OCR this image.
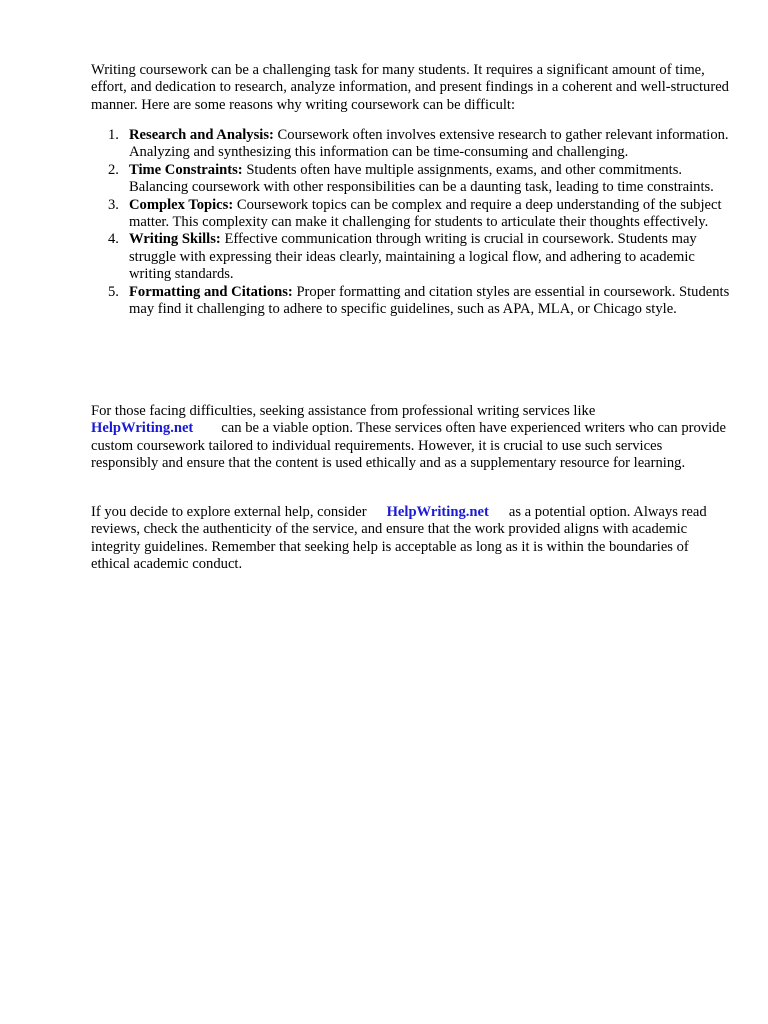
Writing coursework can be a challenging task for many students. It requires a significant amount of time, effort, and dedication to research, analyze information, and present findings in a coherent and well-structured manner. Here are some reasons why writing coursework can be difficult:

1. Research and Analysis: Coursework often involves extensive research to gather relevant information. Analyzing and synthesizing this information can be time-consuming and challenging.
2. Time Constraints: Students often have multiple assignments, exams, and other commitments. Balancing coursework with other responsibilities can be a daunting task, leading to time constraints.
3. Complex Topics: Coursework topics can be complex and require a deep understanding of the subject matter. This complexity can make it challenging for students to articulate their thoughts effectively.
4. Writing Skills: Effective communication through writing is crucial in coursework. Students may struggle with expressing their ideas clearly, maintaining a logical flow, and adhering to academic writing standards.
5. Formatting and Citations: Proper formatting and citation styles are essential in coursework. Students may find it challenging to adhere to specific guidelines, such as APA, MLA, or Chicago style.

For those facing difficulties, seeking assistance from professional writing services like
HelpWriting.net can be a viable option. These services often have experienced writers who can provide custom coursework tailored to individual requirements. However, it is crucial to use such services responsibly and ensure that the content is used ethically and as a supplementary resource for learning.

If you decide to explore external help, consider HelpWriting.net as a potential option. Always read reviews, check the authenticity of the service, and ensure that the work provided aligns with academic integrity guidelines. Remember that seeking help is acceptable as long as it is within the boundaries of ethical academic conduct.
